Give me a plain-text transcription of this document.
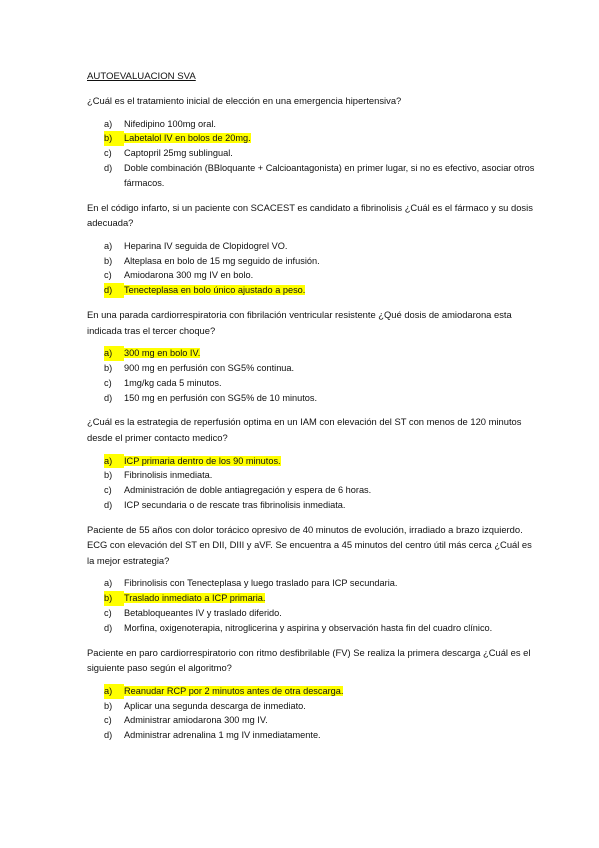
AUTOEVALUACION SVA

¿Cuál es el tratamiento inicial de elección en una emergencia hipertensiva?

a)	Nifedipino 100mg oral.
b)	Labetalol IV en bolos de 20mg.
c)	Captopril 25mg sublingual.
d)	Doble combinación (BBloquante + Calcioantagonista) en primer lugar, si no es efectivo, asociar otros fármacos.

En el código infarto, si un paciente con SCACEST es candidato a fibrinolisis ¿Cuál es el fármaco y su dosis adecuada?

a)	Heparina IV seguida de Clopidogrel VO.
b)	Alteplasa en bolo de 15 mg seguido de infusión.
c)	Amiodarona 300 mg IV en bolo.
d)	Tenecteplasa en bolo único ajustado a peso.

En una parada cardiorrespiratoria con fibrilación ventricular resistente ¿Qué dosis de amiodarona esta indicada tras el tercer choque?

a)	300 mg en bolo IV.
b)	900 mg en perfusión con SG5% continua.
c)	1mg/kg cada 5 minutos.
d)	150 mg en perfusión con SG5% de 10 minutos.

¿Cuál es la estrategia de reperfusión optima en un IAM con elevación del ST con menos de 120 minutos desde el primer contacto medico?

a)	ICP primaria dentro de los 90 minutos.
b)	Fibrinolisis inmediata.
c)	Administración de doble antiagregación y espera de 6 horas.
d)	ICP secundaria o de rescate tras fibrinolisis inmediata.

Paciente de 55 años con dolor torácico opresivo de 40 minutos de evolución, irradiado a brazo izquierdo. ECG con elevación del ST en DII, DIII y aVF. Se encuentra a 45 minutos del centro útil más cerca ¿Cuál es la mejor estrategia?

a)	Fibrinolisis con Tenecteplasa y luego traslado para ICP secundaria.
b)	Traslado inmediato a ICP primaria.
c)	Betabloqueantes IV y traslado diferido.
d)	Morfina, oxigenoterapia, nitroglicerina y aspirina y observación hasta fin del cuadro clínico.

Paciente en paro cardiorrespiratorio con ritmo desfibrilable (FV) Se realiza la primera descarga ¿Cuál es el siguiente paso según el algoritmo?

a)	Reanudar RCP por 2 minutos antes de otra descarga.
b)	Aplicar una segunda descarga de inmediato.
c)	Administrar amiodarona 300 mg IV.
d)	Administrar adrenalina 1 mg IV inmediatamente.
